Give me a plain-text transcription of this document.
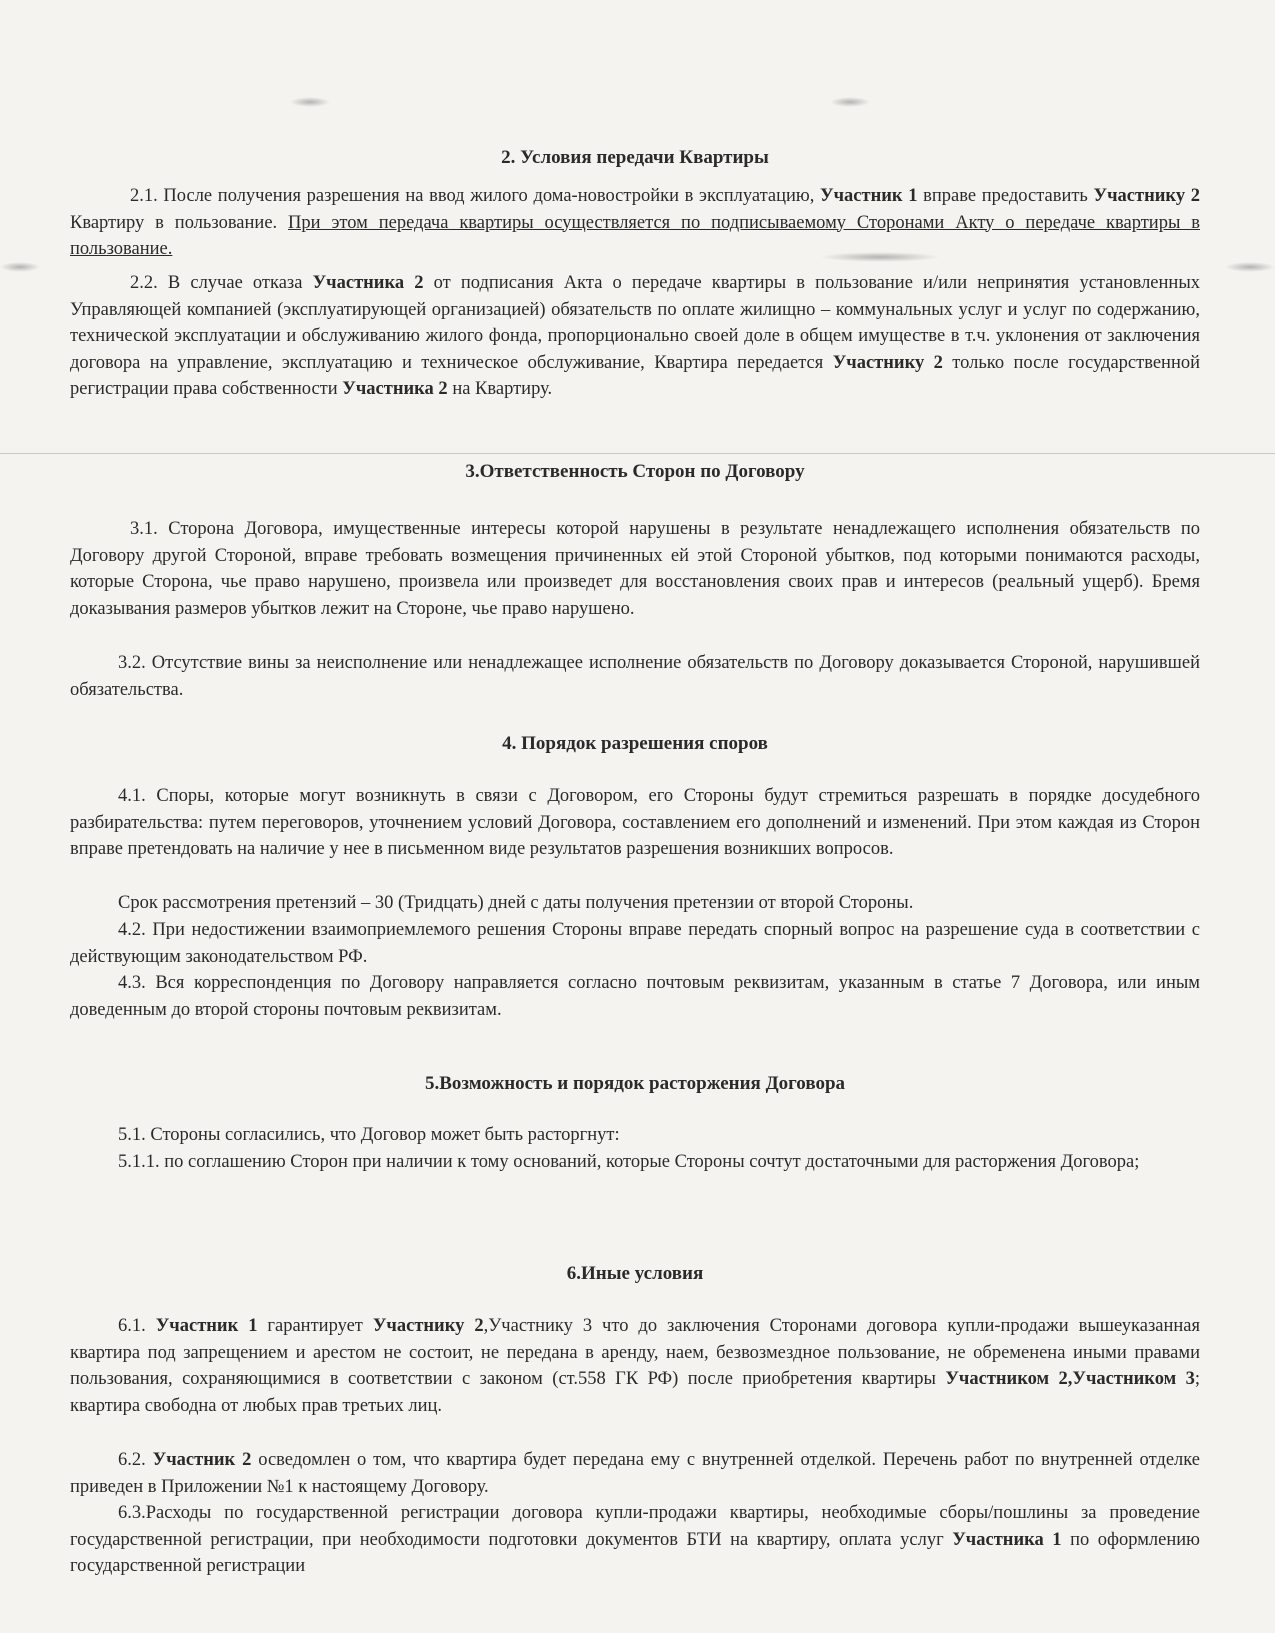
2. Условия передачи Квартиры

2.1. После получения разрешения на ввод жилого дома-новостройки в эксплуатацию, Участник 1 вправе предоставить Участнику 2 Квартиру в пользование. При этом передача квартиры осуществляется по подписываемому Сторонами Акту о передаче квартиры в пользование.

2.2. В случае отказа Участника 2 от подписания Акта о передаче квартиры в пользование и/или непринятия установленных Управляющей компанией (эксплуатирующей организацией) обязательств по оплате жилищно – коммунальных услуг и услуг по содержанию, технической эксплуатации и обслуживанию жилого фонда, пропорционально своей доле в общем имуществе в т.ч. уклонения от заключения договора на управление, эксплуатацию и техническое обслуживание, Квартира передается Участнику 2 только после государственной регистрации права собственности Участника 2 на Квартиру.

3.Ответственность Сторон по Договору

3.1. Сторона Договора, имущественные интересы которой нарушены в результате ненадлежащего исполнения обязательств по Договору другой Стороной, вправе требовать возмещения причиненных ей этой Стороной убытков, под которыми понимаются расходы, которые Сторона, чье право нарушено, произвела или произведет для восстановления своих прав и интересов (реальный ущерб). Бремя доказывания размеров убытков лежит на Стороне, чье право нарушено.

3.2. Отсутствие вины за неисполнение или ненадлежащее исполнение обязательств по Договору доказывается Стороной, нарушившей обязательства.

4. Порядок разрешения споров

4.1. Споры, которые могут возникнуть в связи с Договором, его Стороны будут стремиться разрешать в порядке досудебного разбирательства: путем переговоров, уточнением условий Договора, составлением его дополнений и изменений. При этом каждая из Сторон вправе претендовать на наличие у нее в письменном виде результатов разрешения возникших вопросов.

Срок рассмотрения претензий – 30 (Тридцать) дней с даты получения претензии от второй Стороны.

4.2. При недостижении взаимоприемлемого решения Стороны вправе передать спорный вопрос на разрешение суда в соответствии с действующим законодательством РФ.

4.3. Вся корреспонденция по Договору направляется согласно почтовым реквизитам, указанным в статье 7 Договора, или иным доведенным до второй стороны почтовым реквизитам.

5.Возможность и порядок расторжения Договора

5.1. Стороны согласились, что Договор может быть расторгнут:

5.1.1. по соглашению Сторон при наличии к тому оснований, которые Стороны сочтут достаточными для расторжения Договора;

6.Иные условия

6.1. Участник 1 гарантирует Участнику 2,Участнику 3 что до заключения Сторонами договора купли-продажи вышеуказанная квартира под запрещением и арестом не состоит, не передана в аренду, наем, безвозмездное пользование, не обременена иными правами пользования, сохраняющимися в соответствии с законом (ст.558 ГК РФ) после приобретения квартиры Участником 2,Участником 3; квартира свободна от любых прав третьих лиц.

6.2. Участник 2 осведомлен о том, что квартира будет передана ему с внутренней отделкой. Перечень работ по внутренней отделке приведен в Приложении №1 к настоящему Договору.

6.3.Расходы по государственной регистрации договора купли-продажи квартиры, необходимые сборы/пошлины за проведение государственной регистрации, при необходимости подготовки документов БТИ на квартиру, оплата услуг Участника 1 по оформлению государственной регистрации
